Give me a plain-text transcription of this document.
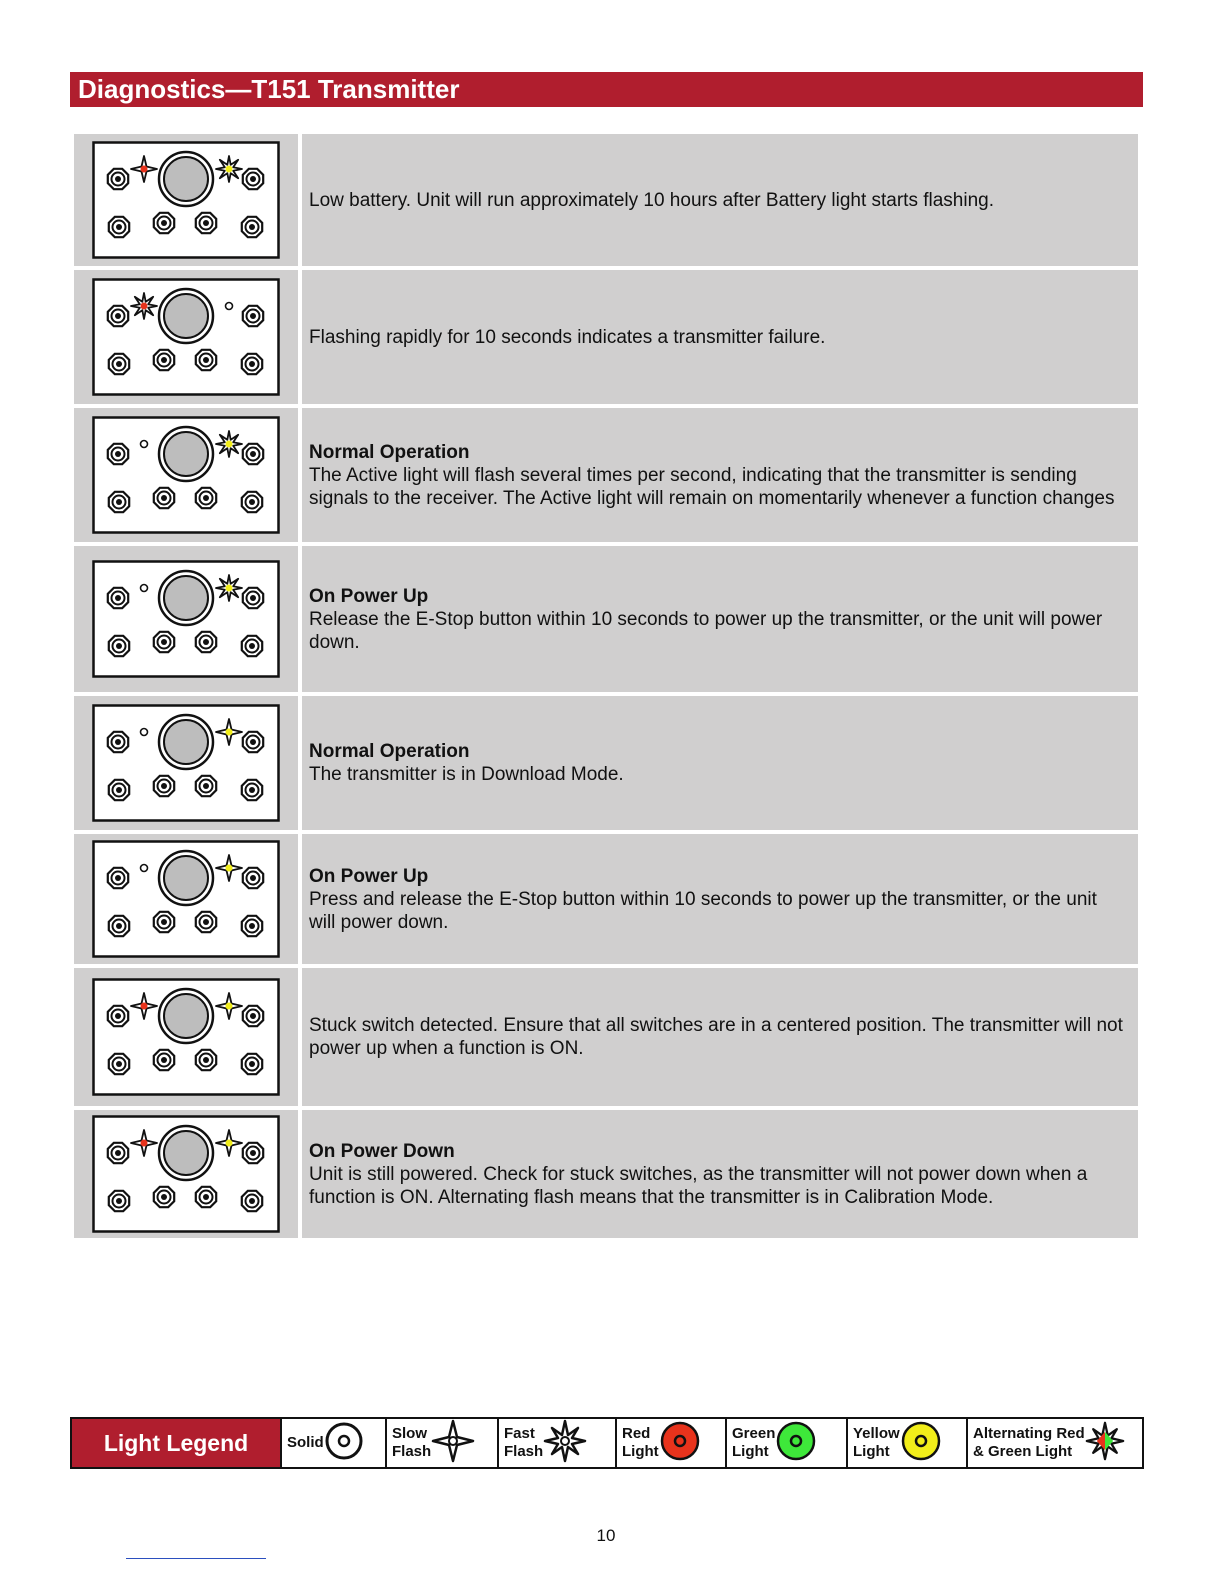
Diagnostics—T151 Transmitter
Low battery. Unit will run approximately 10 hours after Battery light starts flashing.
Flashing rapidly for 10 seconds indicates a transmitter failure.
Normal Operation
The Active light will flash several times per second, indicating that the transmitter is sending signals to the receiver. The Active light will remain on momentarily whenever a function changes
On Power Up
Release the E-Stop button within 10 seconds to power up the transmitter, or the unit will power down.
Normal Operation
The transmitter is in Download Mode.
On Power Up
Press and release the E-Stop button within 10 seconds to power up the transmitter, or the unit will power down.
Stuck switch detected. Ensure that all switches are in a centered position. The transmitter will not power up when a function is ON.
On Power Down
Unit is still powered. Check for stuck switches, as the transmitter will not power down when a function is ON. Alternating flash means that the transmitter is in Calibration Mode.
Light Legend	Solid
Slow
Flash
Fast
Flash
Red
Light
Green
Light
Yellow
Light
Alternating Red
& Green Light
10
